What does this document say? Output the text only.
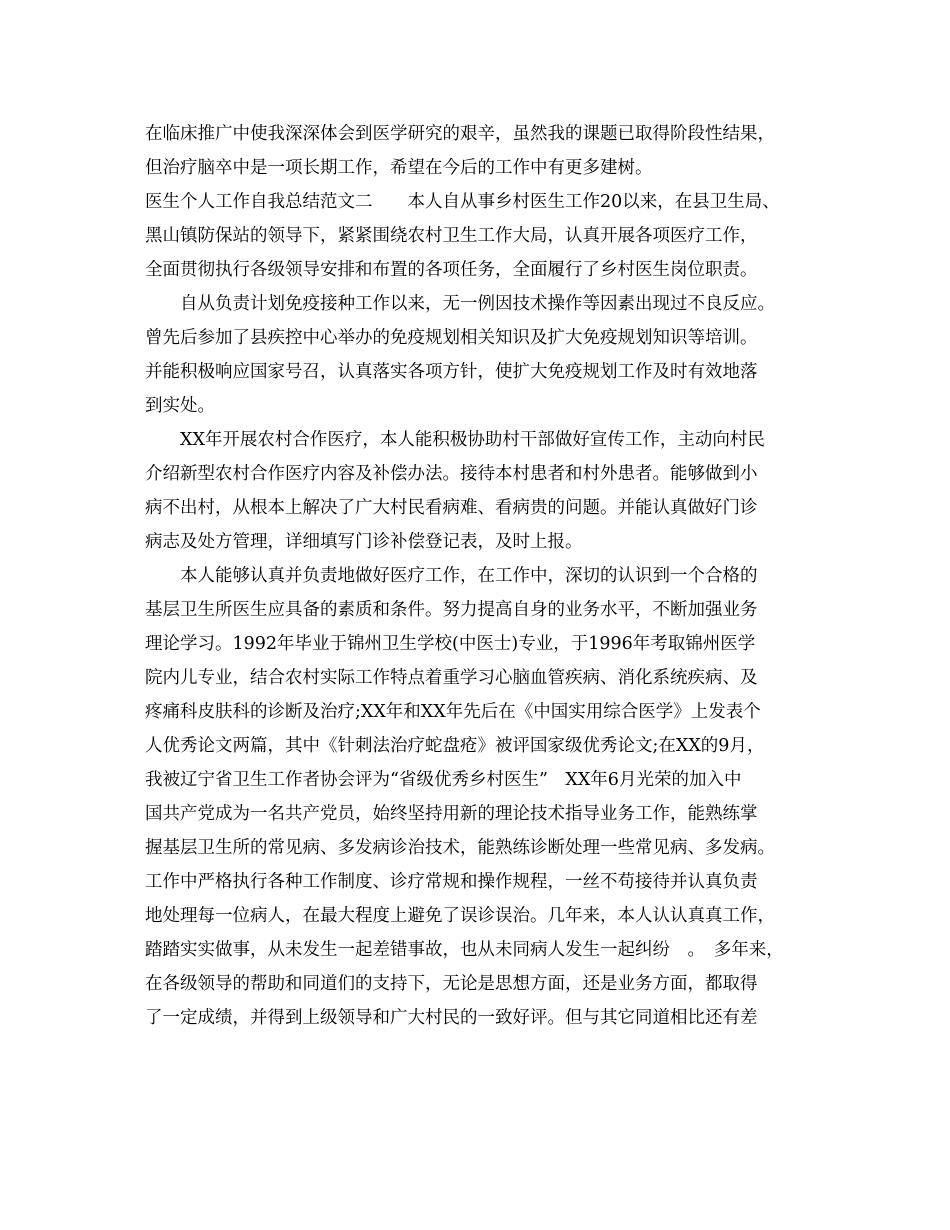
在临床推广中使我深深体会到医学研究的艰辛，虽然我的课题已取得阶段性结果，
但治疗脑卒中是一项长期工作，希望在今后的工作中有更多建树。
医生个人工作自我总结范文二　　本人自从事乡村医生工作20以来，在县卫生局、
黑山镇防保站的领导下，紧紧围绕农村卫生工作大局，认真开展各项医疗工作，
全面贯彻执行各级领导安排和布置的各项任务，全面履行了乡村医生岗位职责。
　　自从负责计划免疫接种工作以来，无一例因技术操作等因素出现过不良反应。
曾先后参加了县疾控中心举办的免疫规划相关知识及扩大免疫规划知识等培训。
并能积极响应国家号召，认真落实各项方针，使扩大免疫规划工作及时有效地落
到实处。
　　XX年开展农村合作医疗，本人能积极协助村干部做好宣传工作，主动向村民
介绍新型农村合作医疗内容及补偿办法。接待本村患者和村外患者。能够做到小
病不出村，从根本上解决了广大村民看病难、看病贵的问题。并能认真做好门诊
病志及处方管理，详细填写门诊补偿登记表，及时上报。
　　本人能够认真并负责地做好医疗工作，在工作中，深切的认识到一个合格的
基层卫生所医生应具备的素质和条件。努力提高自身的业务水平，不断加强业务
理论学习。1992年毕业于锦州卫生学校(中医士)专业，于1996年考取锦州医学
院内儿专业，结合农村实际工作特点着重学习心脑血管疾病、消化系统疾病、及
疼痛科皮肤科的诊断及治疗;XX年和XX年先后在《中国实用综合医学》上发表个
人优秀论文两篇，其中《针刺法治疗蛇盘疮》被评国家级优秀论文;在XX的9月，
我被辽宁省卫生工作者协会评为“省级优秀乡村医生”　XX年6月光荣的加入中
国共产党成为一名共产党员，始终坚持用新的理论技术指导业务工作，能熟练掌
握基层卫生所的常见病、多发病诊治技术，能熟练诊断处理一些常见病、多发病。
工作中严格执行各种工作制度、诊疗常规和操作规程，一丝不苟接待并认真负责
地处理每一位病人，在最大程度上避免了误诊误治。几年来，本人认认真真工作，
踏踏实实做事，从未发生一起差错事故，也从未同病人发生一起纠纷　。　多年来，
在各级领导的帮助和同道们的支持下，无论是思想方面，还是业务方面，都取得
了一定成绩，并得到上级领导和广大村民的一致好评。但与其它同道相比还有差
